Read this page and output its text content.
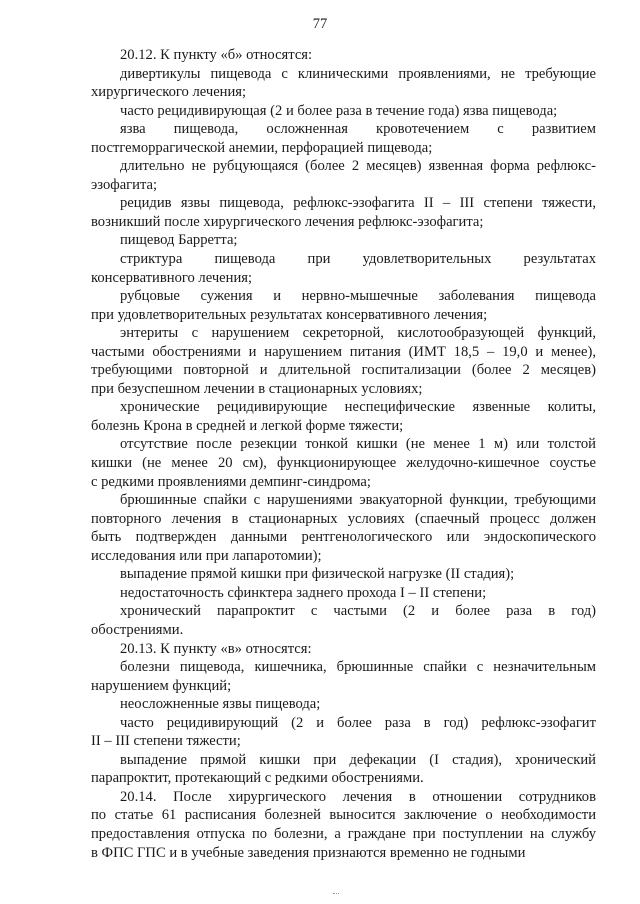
77

20.12. К пункту «б» относятся:

дивертикулы пищевода с клиническими проявлениями, не требующие
хирургического лечения;

часто рецидивирующая (2 и более раза в течение года) язва пищевода;

язва пищевода, осложненная кровотечением с развитием
постгеморрагической анемии, перфорацией пищевода;

длительно не рубцующаяся (более 2 месяцев) язвенная форма рефлюкс-
эзофагита;

рецидив язвы пищевода, рефлюкс-эзофагита II – III степени тяжести,
возникший после хирургического лечения рефлюкс-эзофагита;

пищевод Барретта;

стриктура пищевода при удовлетворительных результатах
консервативного лечения;

рубцовые сужения и нервно-мышечные заболевания пищевода
при удовлетворительных результатах консервативного лечения;

энтериты с нарушением секреторной, кислотообразующей функций,
частыми обострениями и нарушением питания (ИМТ 18,5 – 19,0 и менее),
требующими повторной и длительной госпитализации (более 2 месяцев)
при безуспешном лечении в стационарных условиях;

хронические рецидивирующие неспецифические язвенные колиты,
болезнь Крона в средней и легкой форме тяжести;

отсутствие после резекции тонкой кишки (не менее 1 м) или толстой
кишки (не менее 20 см), функционирующее желудочно-кишечное соустье
с редкими проявлениями демпинг-синдрома;

брюшинные спайки с нарушениями эвакуаторной функции, требующими
повторного лечения в стационарных условиях (спаечный процесс должен
быть подтвержден данными рентгенологического или эндоскопического
исследования или при лапаротомии);

выпадение прямой кишки при физической нагрузке (II стадия);

недостаточность сфинктера заднего прохода I – II степени;

хронический парапроктит с частыми (2 и более раза в год)
обострениями.

20.13. К пункту «в» относятся:

болезни пищевода, кишечника, брюшинные спайки с незначительным
нарушением функций;

неосложненные язвы пищевода;

часто рецидивирующий (2 и более раза в год) рефлюкс-эзофагит
II – III степени тяжести;

выпадение прямой кишки при дефекации (I стадия), хронический
парапроктит, протекающий с редкими обострениями.

20.14. После хирургического лечения в отношении сотрудников
по статье 61 расписания болезней выносится заключение о необходимости
предоставления отпуска по болезни, а граждане при поступлении на службу
в ФПС ГПС и в учебные заведения признаются временно не годными
